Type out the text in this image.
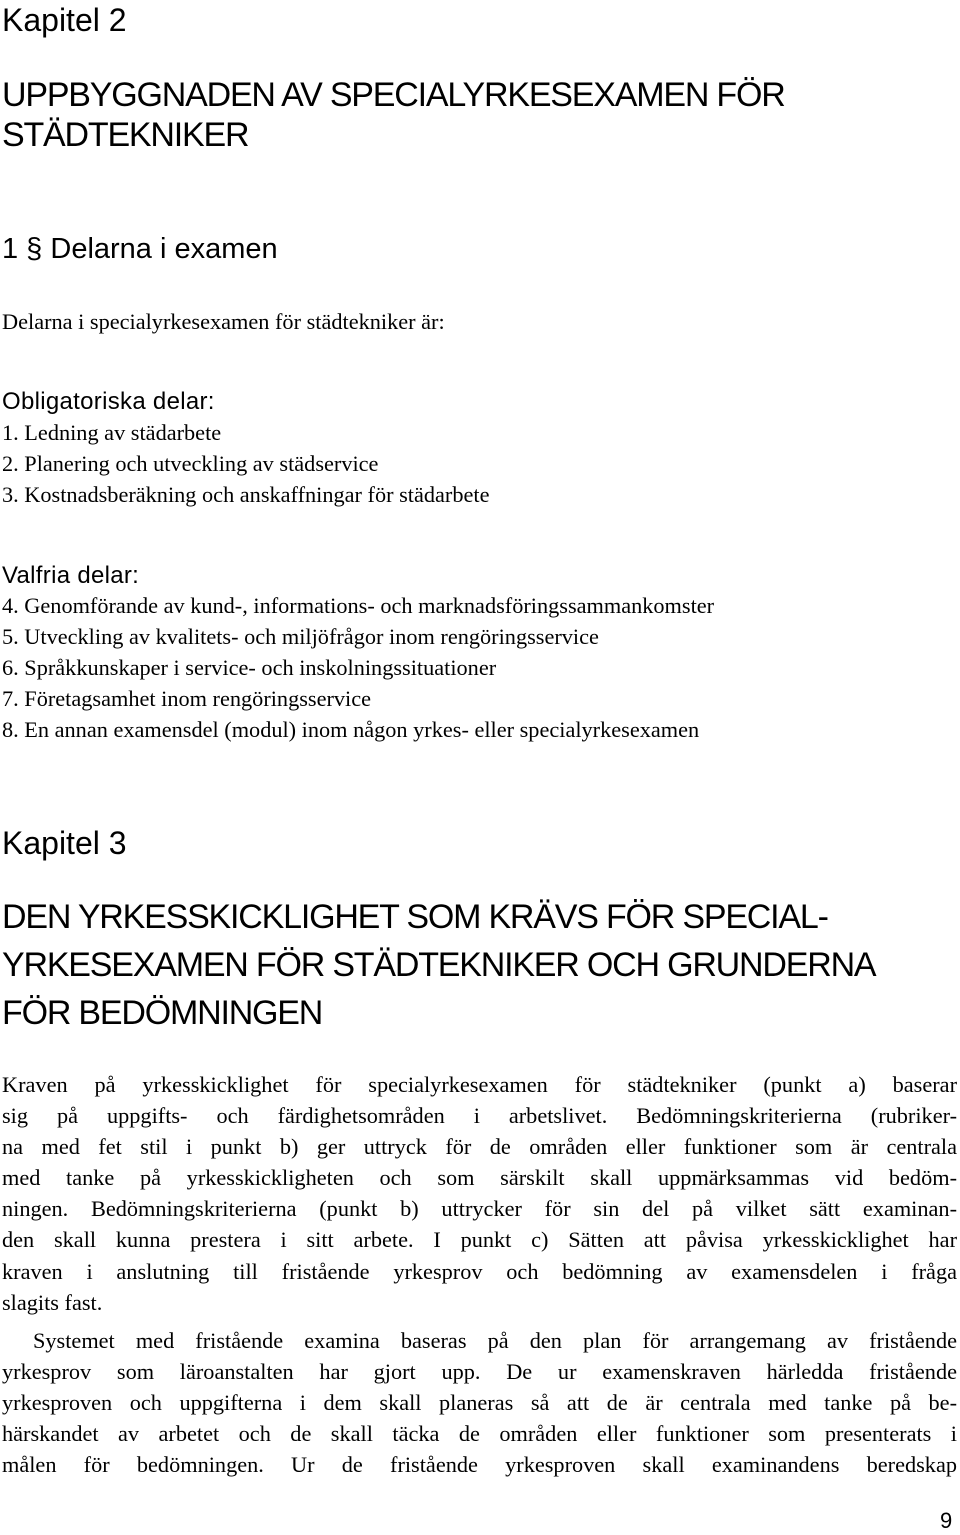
Kapitel 2
UPPBYGGNADEN AV SPECIALYRKESEXAMEN FÖR
STÄDTEKNIKER
1 § Delarna i examen
Delarna i specialyrkesexamen för städtekniker är:
Obligatoriska delar:
1. Ledning av städarbete
2. Planering och utveckling av städservice
3. Kostnadsberäkning och anskaffningar för städarbete
Valfria delar:
4. Genomförande av kund-, informations- och marknadsföringssammankomster
5. Utveckling av kvalitets- och miljöfrågor inom rengöringsservice
6. Språkkunskaper i service- och inskolningssituationer
7. Företagsamhet inom rengöringsservice
8. En annan examensdel (modul) inom någon yrkes- eller specialyrkesexamen
Kapitel 3
DEN YRKESSKICKLIGHET SOM KRÄVS FÖR SPECIAL-
YRKESEXAMEN FÖR STÄDTEKNIKER OCH GRUNDERNA
FÖR BEDÖMNINGEN
Kraven på yrkesskicklighet för specialyrkesexamen för städtekniker (punkt a) baserar
sig på uppgifts- och färdighetsområden i arbetslivet. Bedömningskriterierna (rubriker-
na med fet stil i punkt b) ger uttryck för de områden eller funktioner som är centrala
med tanke på yrkesskickligheten och som särskilt skall uppmärksammas vid bedöm-
ningen. Bedömningskriterierna (punkt b) uttrycker för sin del på vilket sätt examinan-
den skall kunna prestera i sitt arbete. I punkt c) Sätten att påvisa yrkesskicklighet har
kraven i anslutning till fristående yrkesprov och bedömning av examensdelen i fråga
slagits fast.
Systemet med fristående examina baseras på den plan för arrangemang av fristående
yrkesprov som läroanstalten har gjort upp. De ur examenskraven härledda fristående
yrkesproven och uppgifterna i dem skall planeras så att de är centrala med tanke på be-
härskandet av arbetet och de skall täcka de områden eller funktioner som presenterats i
målen för bedömningen. Ur de fristående yrkesproven skall examinandens beredskap
9
